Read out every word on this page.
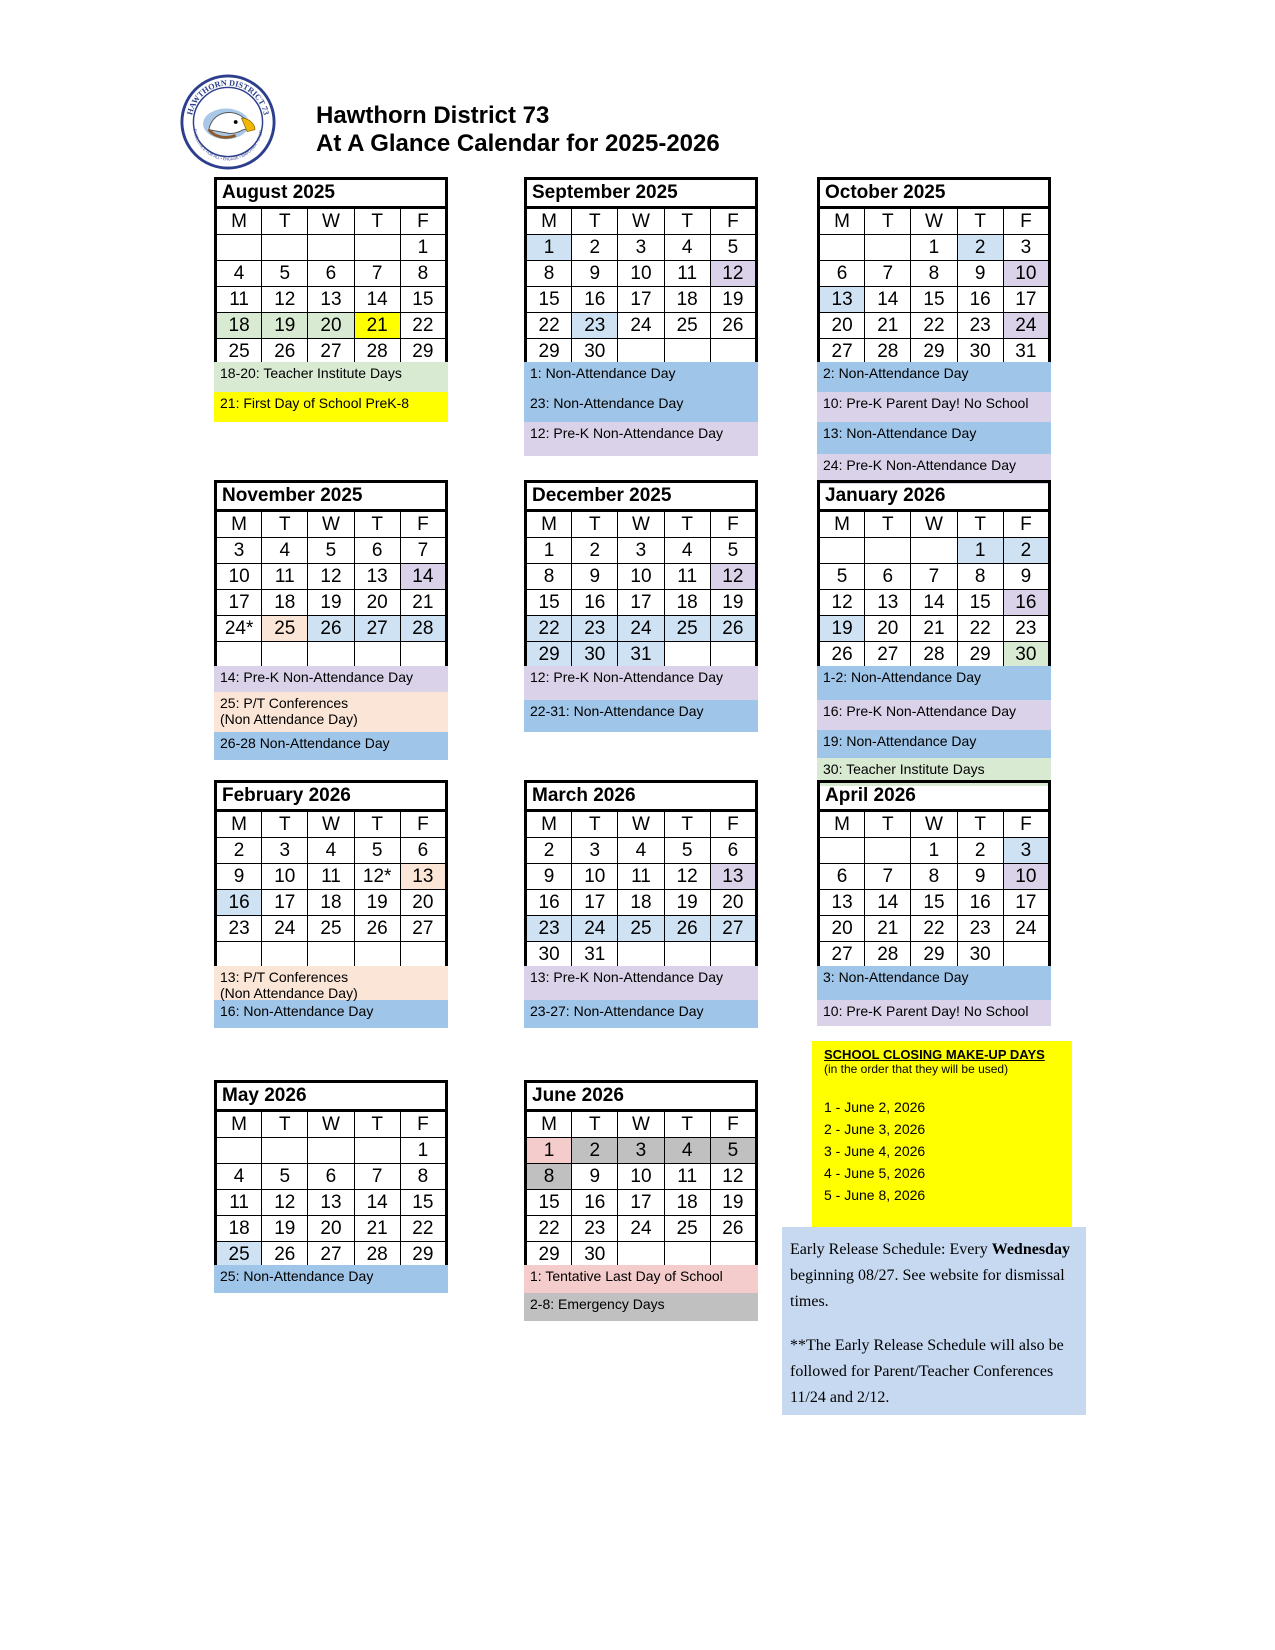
HAWTHORN DISTRICT 73
EXCELLENCE FOR ALL • ENGAGE • EMPOWER • EXCEL
Hawthorn District 73
At A Glance Calendar for 2025-2026
August 2025				
M	T	W	T	F
				1
4	5	6	7	8
11	12	13	14	15
18	19	20	21	22
25	26	27	28	29
18-20: Teacher Institute Days
21: First Day of School PreK-8
September 2025				
M	T	W	T	F
1	2	3	4	5
8	9	10	11	12
15	16	17	18	19
22	23	24	25	26
29	30			
1: Non-Attendance Day
23: Non-Attendance Day
12: Pre-K Non-Attendance Day
October 2025				
M	T	W	T	F
		1	2	3
6	7	8	9	10
13	14	15	16	17
20	21	22	23	24
27	28	29	30	31
2: Non-Attendance Day
10: Pre-K Parent Day! No School
13: Non-Attendance Day
24: Pre-K Non-Attendance Day
November 2025				
M	T	W	T	F
3	4	5	6	7
10	11	12	13	14
17	18	19	20	21
24*	25	26	27	28

14: Pre-K Non-Attendance Day
25: P/T Conferences
(Non Attendance Day)
26-28 Non-Attendance Day
December 2025				
M	T	W	T	F
1	2	3	4	5
8	9	10	11	12
15	16	17	18	19
22	23	24	25	26
29	30	31		
12: Pre-K Non-Attendance Day
22-31: Non-Attendance Day
January 2026				
M	T	W	T	F
			1	2
5	6	7	8	9
12	13	14	15	16
19	20	21	22	23
26	27	28	29	30
1-2: Non-Attendance Day
16: Pre-K Non-Attendance Day
19: Non-Attendance Day
30: Teacher Institute Days
February 2026				
M	T	W	T	F
2	3	4	5	6
9	10	11	12*	13
16	17	18	19	20
23	24	25	26	27

13: P/T Conferences
(Non Attendance Day)
16: Non-Attendance Day
March 2026				
M	T	W	T	F
2	3	4	5	6
9	10	11	12	13
16	17	18	19	20
23	24	25	26	27
30	31			
13: Pre-K Non-Attendance Day
23-27: Non-Attendance Day
April 2026				
M	T	W	T	F
		1	2	3
6	7	8	9	10
13	14	15	16	17
20	21	22	23	24
27	28	29	30	
3: Non-Attendance Day
10: Pre-K Parent Day! No School
May 2026				
M	T	W	T	F
				1
4	5	6	7	8
11	12	13	14	15
18	19	20	21	22
25	26	27	28	29
25: Non-Attendance Day
June 2026				
M	T	W	T	F
1	2	3	4	5
8	9	10	11	12
15	16	17	18	19
22	23	24	25	26
29	30			
1: Tentative Last Day of School
2-8: Emergency Days
SCHOOL CLOSING MAKE-UP DAYS
(in the order that they will be used)
1 - June 2, 2026
2 - June 3, 2026
3 - June 4, 2026
4 - June 5, 2026
5 - June 8, 2026

Early Release Schedule: Every Wednesday beginning 08/27. See website for dismissal times.

**The Early Release Schedule will also be followed for Parent/Teacher Conferences 11/24 and 2/12.
